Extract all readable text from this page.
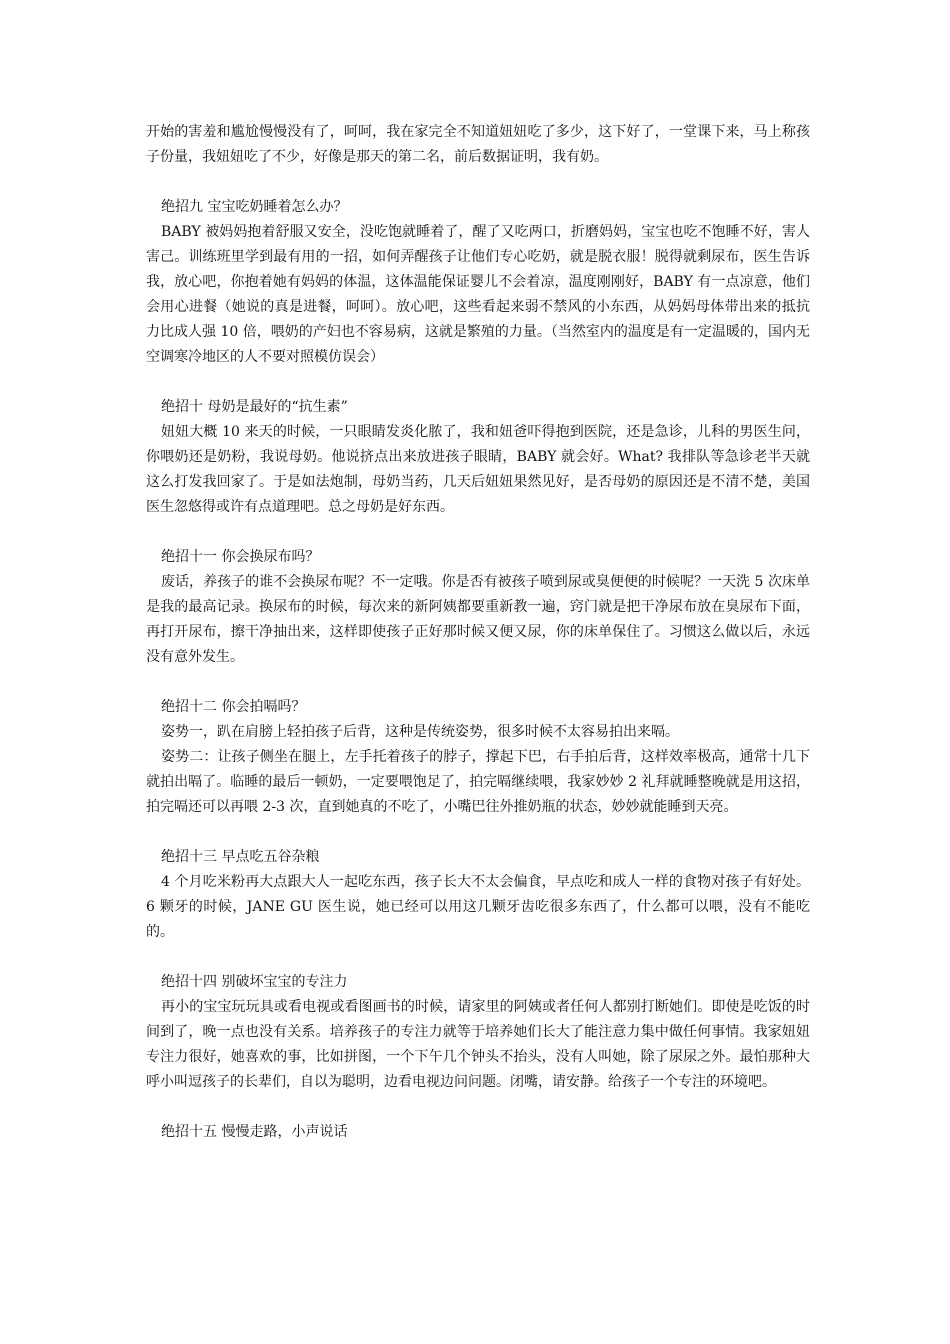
开始的害羞和尴尬慢慢没有了，呵呵，我在家完全不知道妞妞吃了多少，这下好了，一堂课下来，马上称孩子份量，我妞妞吃了不少，好像是那天的第二名，前后数据证明，我有奶。

绝招九 宝宝吃奶睡着怎么办？

BABY 被妈妈抱着舒服又安全，没吃饱就睡着了，醒了又吃两口，折磨妈妈，宝宝也吃不饱睡不好，害人害己。训练班里学到最有用的一招，如何弄醒孩子让他们专心吃奶，就是脱衣服！脱得就剩尿布，医生告诉我，放心吧，你抱着她有妈妈的体温，这体温能保证婴儿不会着凉，温度刚刚好，BABY 有一点凉意，他们会用心进餐（她说的真是进餐，呵呵）。放心吧，这些看起来弱不禁风的小东西，从妈妈母体带出来的抵抗力比成人强 10 倍，喂奶的产妇也不容易病，这就是繁殖的力量。（当然室内的温度是有一定温暖的，国内无空调寒冷地区的人不要对照模仿误会）

绝招十 母奶是最好的“抗生素”

妞妞大概 10 来天的时候，一只眼睛发炎化脓了，我和妞爸吓得抱到医院，还是急诊，儿科的男医生问，你喂奶还是奶粉，我说母奶。他说挤点出来放进孩子眼睛，BABY 就会好。What? 我排队等急诊老半天就这么打发我回家了。于是如法炮制，母奶当药，几天后妞妞果然见好，是否母奶的原因还是不清不楚，美国医生忽悠得或许有点道理吧。总之母奶是好东西。

绝招十一 你会换尿布吗？

废话，养孩子的谁不会换尿布呢？不一定哦。你是否有被孩子喷到尿或臭便便的时候呢？一天洗 5 次床单是我的最高记录。换尿布的时候，每次来的新阿姨都要重新教一遍，窍门就是把干净尿布放在臭尿布下面，再打开尿布，擦干净抽出来，这样即使孩子正好那时候又便又尿，你的床单保住了。习惯这么做以后，永远没有意外发生。

绝招十二 你会拍嗝吗？

姿势一，趴在肩膀上轻拍孩子后背，这种是传统姿势，很多时候不太容易拍出来嗝。

姿势二：让孩子侧坐在腿上，左手托着孩子的脖子，撑起下巴，右手拍后背，这样效率极高，通常十几下就拍出嗝了。临睡的最后一顿奶，一定要喂饱足了，拍完嗝继续喂，我家妙妙 2 礼拜就睡整晚就是用这招，拍完嗝还可以再喂 2-3 次，直到她真的不吃了，小嘴巴往外推奶瓶的状态，妙妙就能睡到天亮。

绝招十三 早点吃五谷杂粮

4 个月吃米粉再大点跟大人一起吃东西，孩子长大不太会偏食，早点吃和成人一样的食物对孩子有好处。6 颗牙的时候，JANE GU 医生说，她已经可以用这几颗牙齿吃很多东西了，什么都可以喂，没有不能吃的。

绝招十四 别破坏宝宝的专注力

再小的宝宝玩玩具或看电视或看图画书的时候，请家里的阿姨或者任何人都别打断她们。即使是吃饭的时间到了，晚一点也没有关系。培养孩子的专注力就等于培养她们长大了能注意力集中做任何事情。我家妞妞专注力很好，她喜欢的事，比如拼图，一个下午几个钟头不抬头，没有人叫她，除了尿尿之外。最怕那种大呼小叫逗孩子的长辈们，自以为聪明，边看电视边问问题。闭嘴，请安静。给孩子一个专注的环境吧。

绝招十五 慢慢走路，小声说话
